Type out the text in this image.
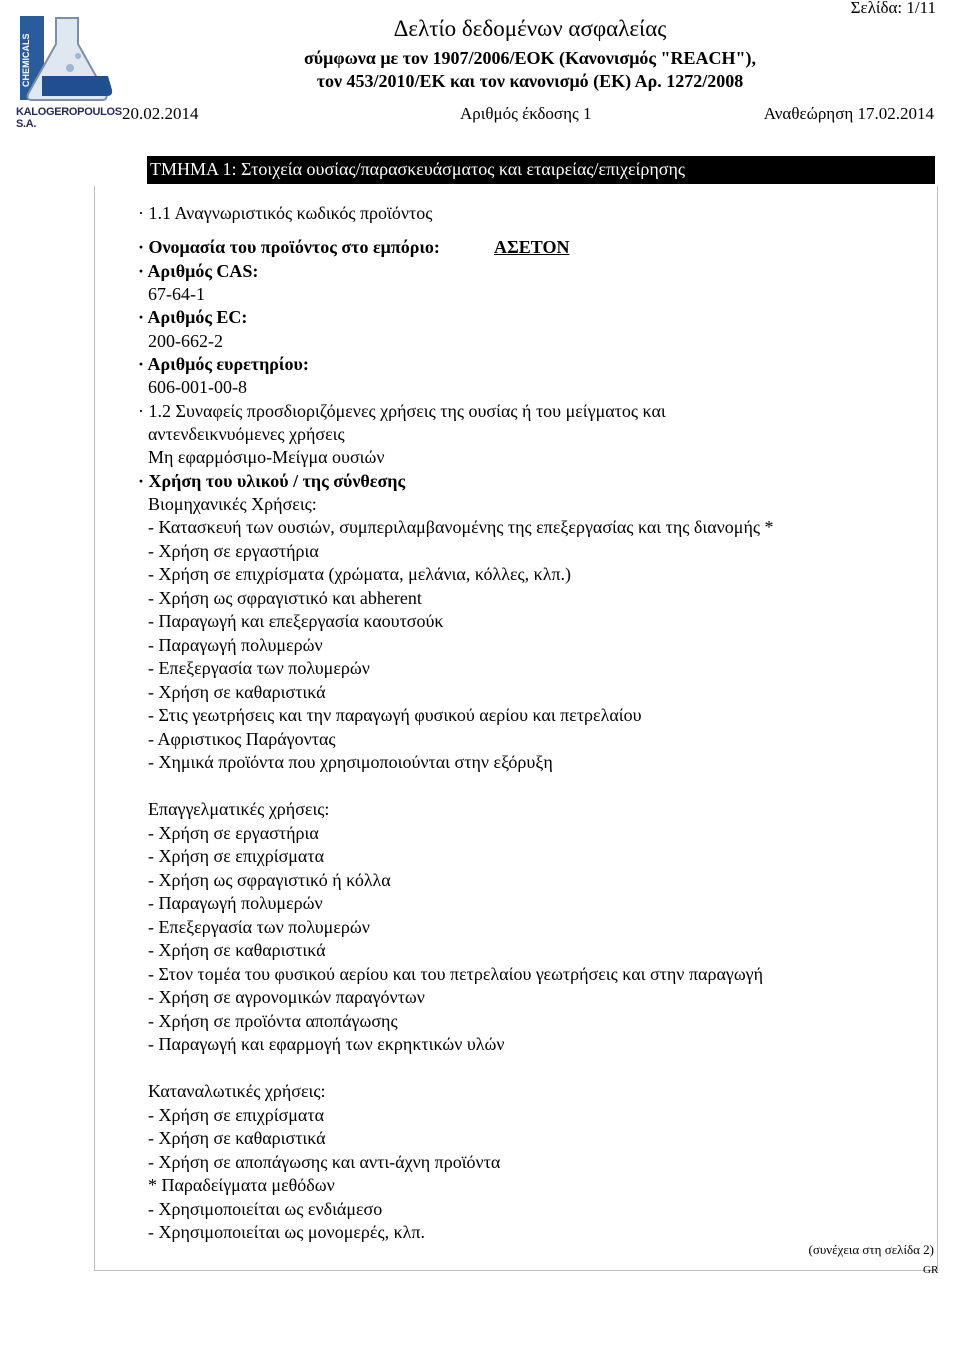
CHEMICALS
KALOGEROPOULOS S.A.
Σελίδα: 1/11
Δελτίο δεδομένων ασφαλείας
σύμφωνα με τον 1907/2006/ΕΟΚ (Κανονισμός "REACH"),
τον 453/2010/ΕΚ και τον κανονισμό (ΕΚ) Αρ. 1272/2008
20.02.2014	Αριθμός έκδοσης 1	Αναθεώρηση 17.02.2014
ΤΜΗΜΑ 1: Στοιχεία ουσίας/παρασκευάσματος και εταιρείας/επιχείρησης
· 1.1 Αναγνωριστικός κωδικός προϊόντος
· Ονομασία του προϊόντος στο εμπόριο:	ΑΣΕΤΟΝ
· Αριθμός CAS:
67-64-1
· Αριθμός ΕC:
200-662-2
· Αριθμός ευρετηρίου:
606-001-00-8
· 1.2 Συναφείς προσδιοριζόμενες χρήσεις της ουσίας ή του μείγματος και
αντενδεικνυόμενες χρήσεις
Μη εφαρμόσιμο-Μείγμα ουσιών
· Χρήση του υλικού / της σύνθεσης
Βιομηχανικές Χρήσεις:
- Κατασκευή των ουσιών, συμπεριλαμβανομένης της επεξεργασίας και της διανομής *
- Χρήση σε εργαστήρια
- Χρήση σε επιχρίσματα (χρώματα, μελάνια, κόλλες, κλπ.)
- Χρήση ως σφραγιστικό και abherent
- Παραγωγή και επεξεργασία καουτσούκ
- Παραγωγή πολυμερών
- Επεξεργασία των πολυμερών
- Χρήση σε καθαριστικά
- Στις γεωτρήσεις και την παραγωγή φυσικού αερίου και πετρελαίου
- Αφριστικος Παράγοντας
- Χημικά προϊόντα που χρησιμοποιούνται στην εξόρυξη
Επαγγελματικές χρήσεις:
- Χρήση σε εργαστήρια
- Χρήση σε επιχρίσματα
- Χρήση ως σφραγιστικό ή κόλλα
- Παραγωγή πολυμερών
- Επεξεργασία των πολυμερών
- Χρήση σε καθαριστικά
- Στον τομέα του φυσικού αερίου και του πετρελαίου γεωτρήσεις και στην παραγωγή
- Χρήση σε αγρονομικών παραγόντων
- Χρήση σε προϊόντα αποπάγωσης
- Παραγωγή και εφαρμογή των εκρηκτικών υλών
Καταναλωτικές χρήσεις:
- Χρήση σε επιχρίσματα
- Χρήση σε καθαριστικά
- Χρήση σε αποπάγωσης και αντι-άχνη προϊόντα
* Παραδείγματα μεθόδων
- Χρησιμοποιείται ως ενδιάμεσο
- Χρησιμοποιείται ως μονομερές, κλπ.
(συνέχεια στη σελίδα 2)
GR
